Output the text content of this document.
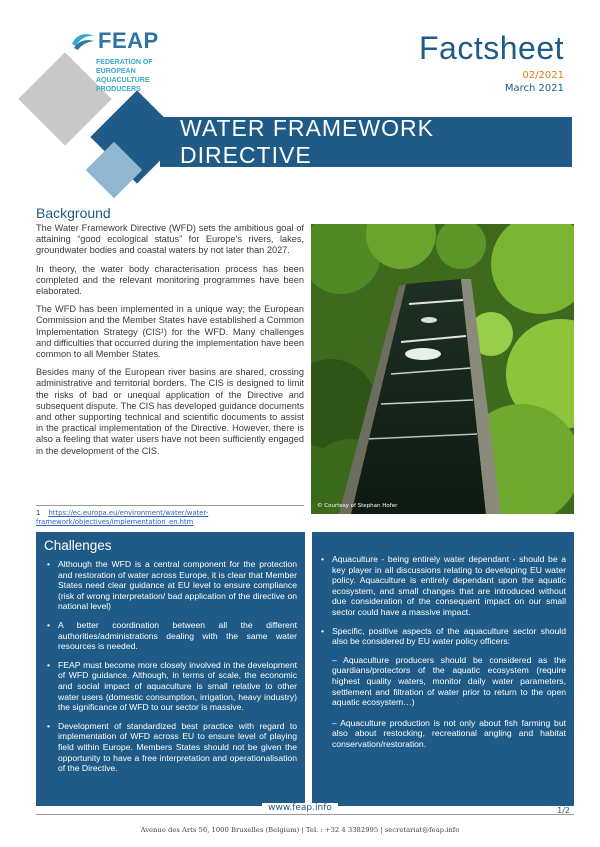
FEAP
FEDERATION OF
EUROPEAN
AQUACULTURE
PRODUCERS
Factsheet
02/2021
March 2021
WATER FRAMEWORK DIRECTIVE
Background

The Water Framework Directive (WFD) sets the ambitious goal of attaining “good ecological status” for Europe’s rivers, lakes, groundwater bodies and coastal waters by not later than 2027.

In theory, the water body characterisation process has been completed and the relevant monitoring programmes have been elaborated.

The WFD has been implemented in a unique way; the European Commission and the Member States have established a Common Implementation Strategy (CIS¹) for the WFD. Many challenges and difficulties that occurred during the implementation have been common to all Member States.

Besides many of the European river basins are shared, crossing administrative and territorial borders. The CIS is designed to limit the risks of bad or unequal application of the Directive and subsequent dispute. The CIS has developed guidance documents and other supporting technical and scientific documents to assist in the practical implementation of the Directive. However, there is also a feeling that water users have not been sufficiently engaged in the development of the CIS.

1 https://ec.europa.eu/environment/water/water-framework/objectives/implementation_en.htm
© Courtesy of Stephan Hofer
Challenges
• Although the WFD is a central component for the protection and restoration of water across Europe, it is clear that Member States need clear guidance at EU level to ensure compliance (risk of wrong interpretation/ bad application of the directive on national level)
• A better coordination between all the different authorities/administrations dealing with the same water resources is needed.
• FEAP must become more closely involved in the development of WFD guidance. Although, in terms of scale, the economic and social impact of aquaculture is small relative to other water users (domestic consumption, irrigation, heavy industry) the significance of WFD to our sector is massive.
• Development of standardized best practice with regard to implementation of WFD across EU to ensure level of playing field within Europe. Members States should not be given the opportunity to have a free interpretation and operationalisation of the Directive.
• Aquaculture - being entirely water dependant - should be a key player in all discussions relating to developing EU water policy. Aquaculture is entirely dependant upon the aquatic ecosystem, and small changes that are introduced without due consideration of the consequent impact on our small sector could have a massive impact.
• Specific, positive aspects of the aquaculture sector should also be considered by EU water policy officers:
– Aquaculture producers should be considered as the guardians/protectors of the aquatic ecosystem (require highest quality waters, monitor daily water parameters, settlement and filtration of water prior to return to the open aquatic ecosystem…)
– Aquaculture production is not only about fish farming but also about restocking, recreational angling and habitat conservation/restoration.
www.feap.info	1/2
Avenue des Arts 56, 1000 Bruxelles (Belgium) | Tel. : +32 4 3382995 | secretariat@feap.info
